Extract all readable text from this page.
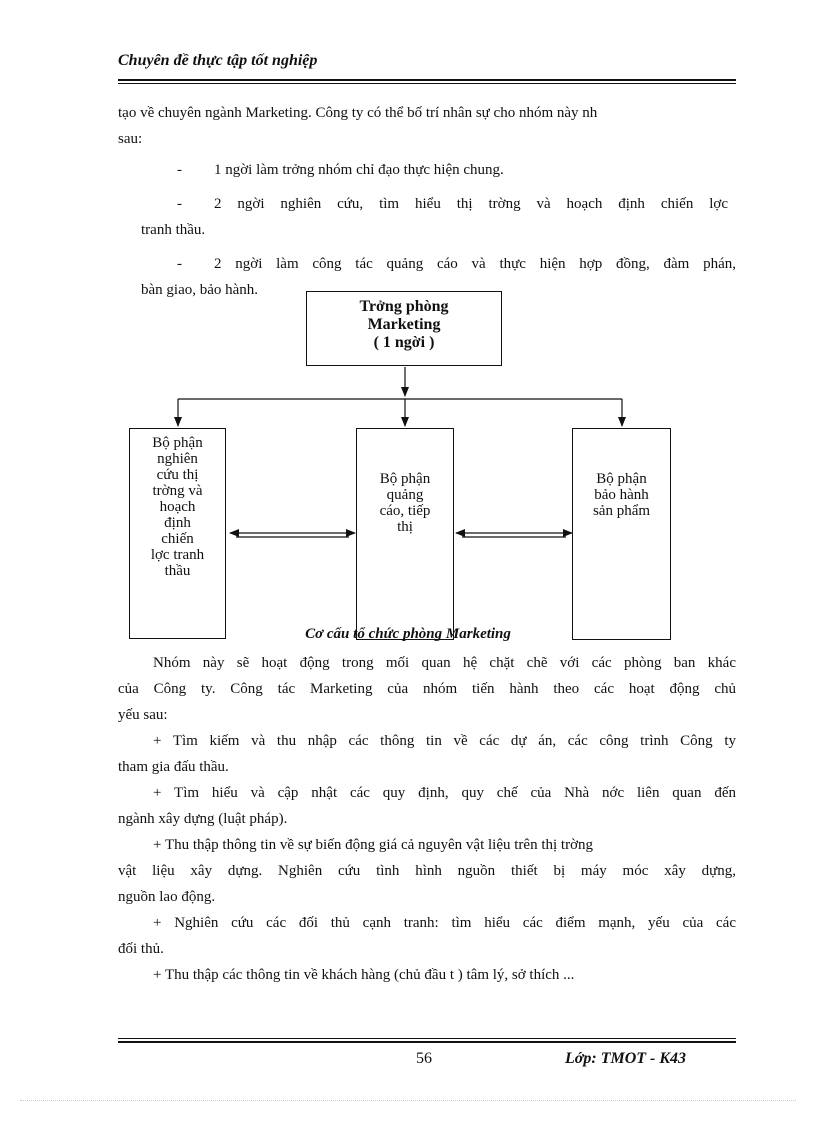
Chuyên đề thực tập tốt nghiệp
tạo về chuyên ngành Marketing. Công ty có thể bố trí nhân sự cho nhóm này nh
sau:
- 1 ngời làm trởng nhóm chỉ đạo thực hiện chung.
- 2 ngời nghiên cứu, tìm hiểu thị trờng và hoạch định chiến lợc
tranh thầu.
- 2 ngời làm công tác quảng cáo và thực hiện hợp đồng, đàm phán,
bàn giao, bảo hành.
Trởng phòng
Marketing
( 1 ngời )
Bộ phận
nghiên
cứu thị
trờng và
hoạch
định
chiến
lợc tranh
thầu
Bộ phận
quảng
cáo, tiếp
thị
Bộ phận
bảo hành
sản phẩm
Cơ cấu tổ chức phòng Marketing
Nhóm này sẽ hoạt động trong mối quan hệ chặt chẽ với các phòng ban khác
của Công ty. Công tác Marketing của nhóm tiến hành theo các hoạt động chủ
yếu sau:
+ Tìm kiếm và thu nhập các thông tin về các dự án, các công trình Công ty
tham gia đấu thầu.
+ Tìm hiểu và cập nhật các quy định, quy chế của Nhà nớc liên quan đến
ngành xây dựng (luật pháp).
+ Thu thập thông tin về sự biến động giá cả nguyên vật liệu trên thị trờng
vật liệu xây dựng. Nghiên cứu tình hình nguồn thiết bị máy móc xây dựng,
nguồn lao động.
+ Nghiên cứu các đối thủ cạnh tranh: tìm hiểu các điểm mạnh, yếu của các
đối thủ.
+ Thu thập các thông tin về khách hàng (chủ đầu t ) tâm lý, sở thích ...
56	Lớp: TMOT - K43
